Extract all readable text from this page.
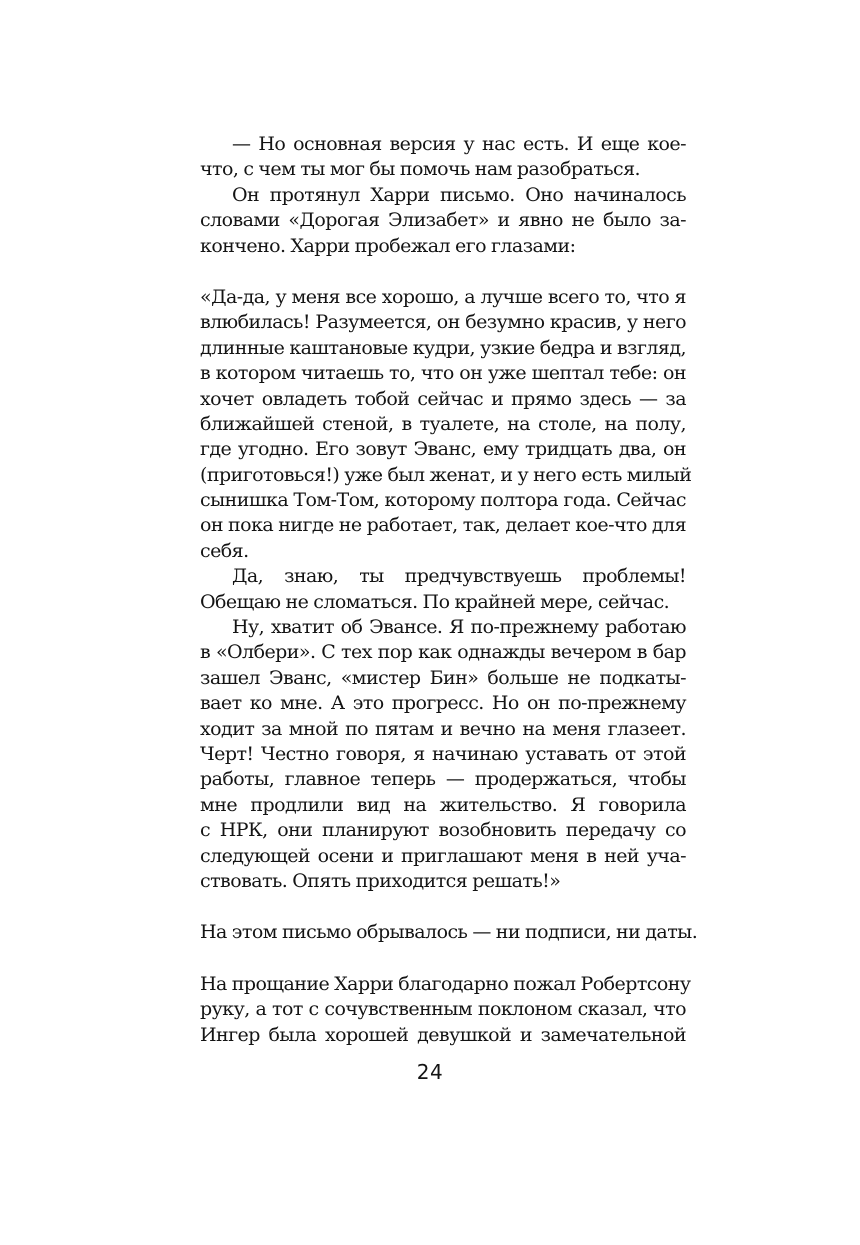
— Но основная версия у нас есть. И еще кое-
что, с чем ты мог бы помочь нам разобраться.
Он протянул Харри письмо. Оно начиналось
словами «Дорогая Элизабет» и явно не было за-
кончено. Харри пробежал его глазами:
«Да-да, у меня все хорошо, а лучше всего то, что я
влюбилась! Разумеется, он безумно красив, у него
длинные каштановые кудри, узкие бедра и взгляд,
в котором читаешь то, что он уже шептал тебе: он
хочет овладеть тобой сейчас и прямо здесь — за
ближайшей стеной, в туалете, на столе, на полу,
где угодно. Его зовут Эванс, ему тридцать два, он
(приготовься!) уже был женат, и у него есть милый
сынишка Том-Том, которому полтора года. Сейчас
он пока нигде не работает, так, делает кое-что для
себя.
Да, знаю, ты предчувствуешь проблемы!
Обещаю не сломаться. По крайней мере, сейчас.
Ну, хватит об Эвансе. Я по-прежнему работаю
в «Олбери». С тех пор как однажды вечером в бар
зашел Эванс, «мистер Бин» больше не подкаты-
вает ко мне. А это прогресс. Но он по-прежнему
ходит за мной по пятам и вечно на меня глазеет.
Черт! Честно говоря, я начинаю уставать от этой
работы, главное теперь — продержаться, чтобы
мне продлили вид на жительство. Я говорила
с НРК, они планируют возобновить передачу со
следующей осени и приглашают меня в ней уча-
ствовать. Опять приходится решать!»
На этом письмо обрывалось — ни подписи, ни даты.
На прощание Харри благодарно пожал Робертсону
руку, а тот с сочувственным поклоном сказал, что
Ингер была хорошей девушкой и замечательной
24
